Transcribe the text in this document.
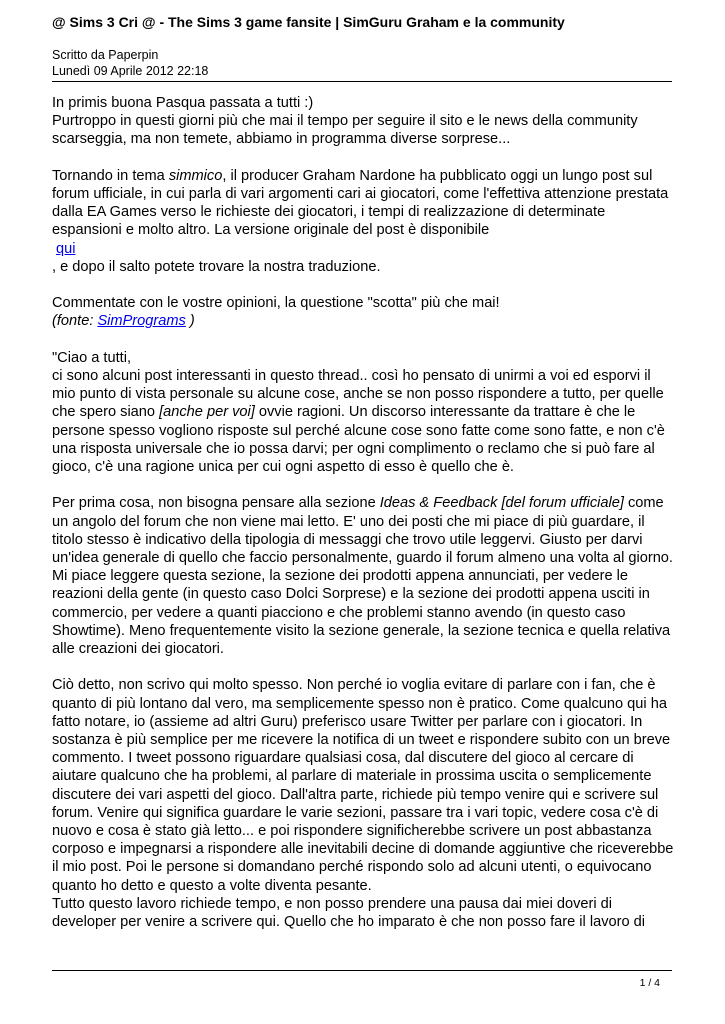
@ Sims 3 Cri @ - The Sims 3 game fansite | SimGuru Graham e la community
Scritto da Paperpin
Lunedì 09 Aprile 2012 22:18

In primis buona Pasqua passata a tutti :)
Purtroppo in questi giorni più che mai il tempo per seguire il sito e le news della community scarseggia, ma non temete, abbiamo in programma diverse sorprese...

Tornando in tema simmico, il producer Graham Nardone ha pubblicato oggi un lungo post sul forum ufficiale, in cui parla di vari argomenti cari ai giocatori, come l'effettiva attenzione prestata dalla EA Games verso le richieste dei giocatori, i tempi di realizzazione di determinate espansioni e molto altro. La versione originale del post è disponibile
qui
, e dopo il salto potete trovare la nostra traduzione.

Commentate con le vostre opinioni, la questione "scotta" più che mai!
(fonte: SimPrograms )

"Ciao a tutti,
ci sono alcuni post interessanti in questo thread.. così ho pensato di unirmi a voi ed esporvi il mio punto di vista personale su alcune cose, anche se non posso rispondere a tutto, per quelle che spero siano [anche per voi] ovvie ragioni. Un discorso interessante da trattare è che le persone spesso vogliono risposte sul perché alcune cose sono fatte come sono fatte, e non c'è una risposta universale che io possa darvi; per ogni complimento o reclamo che si può fare al gioco, c'è una ragione unica per cui ogni aspetto di esso è quello che è.

Per prima cosa, non bisogna pensare alla sezione Ideas & Feedback [del forum ufficiale] come un angolo del forum che non viene mai letto. E' uno dei posti che mi piace di più guardare, il titolo stesso è indicativo della tipologia di messaggi che trovo utile leggervi. Giusto per darvi un'idea generale di quello che faccio personalmente, guardo il forum almeno una volta al giorno. Mi piace leggere questa sezione, la sezione dei prodotti appena annunciati, per vedere le reazioni della gente (in questo caso Dolci Sorprese) e la sezione dei prodotti appena usciti in commercio, per vedere a quanti piacciono e che problemi stanno avendo (in questo caso Showtime). Meno frequentemente visito la sezione generale, la sezione tecnica e quella relativa alle creazioni dei giocatori.

Ciò detto, non scrivo qui molto spesso. Non perché io voglia evitare di parlare con i fan, che è quanto di più lontano dal vero, ma semplicemente spesso non è pratico. Come qualcuno qui ha fatto notare, io (assieme ad altri Guru) preferisco usare Twitter per parlare con i giocatori. In sostanza è più semplice per me ricevere la notifica di un tweet e rispondere subito con un breve commento. I tweet possono riguardare qualsiasi cosa, dal discutere del gioco al cercare di aiutare qualcuno che ha problemi, al parlare di materiale in prossima uscita o semplicemente discutere dei vari aspetti del gioco. Dall'altra parte, richiede più tempo venire qui e scrivere sul forum. Venire qui significa guardare le varie sezioni, passare tra i vari topic, vedere cosa c'è di nuovo e cosa è stato già letto... e poi rispondere significherebbe scrivere un post abbastanza corposo e impegnarsi a rispondere alle inevitabili decine di domande aggiuntive che riceverebbe il mio post. Poi le persone si domandano perché rispondo solo ad alcuni utenti, o equivocano quanto ho detto e questo a volte diventa pesante.

Tutto questo lavoro richiede tempo, e non posso prendere una pausa dai miei doveri di developer per venire a scrivere qui. Quello che ho imparato è che non posso fare il lavoro di

1 / 4
